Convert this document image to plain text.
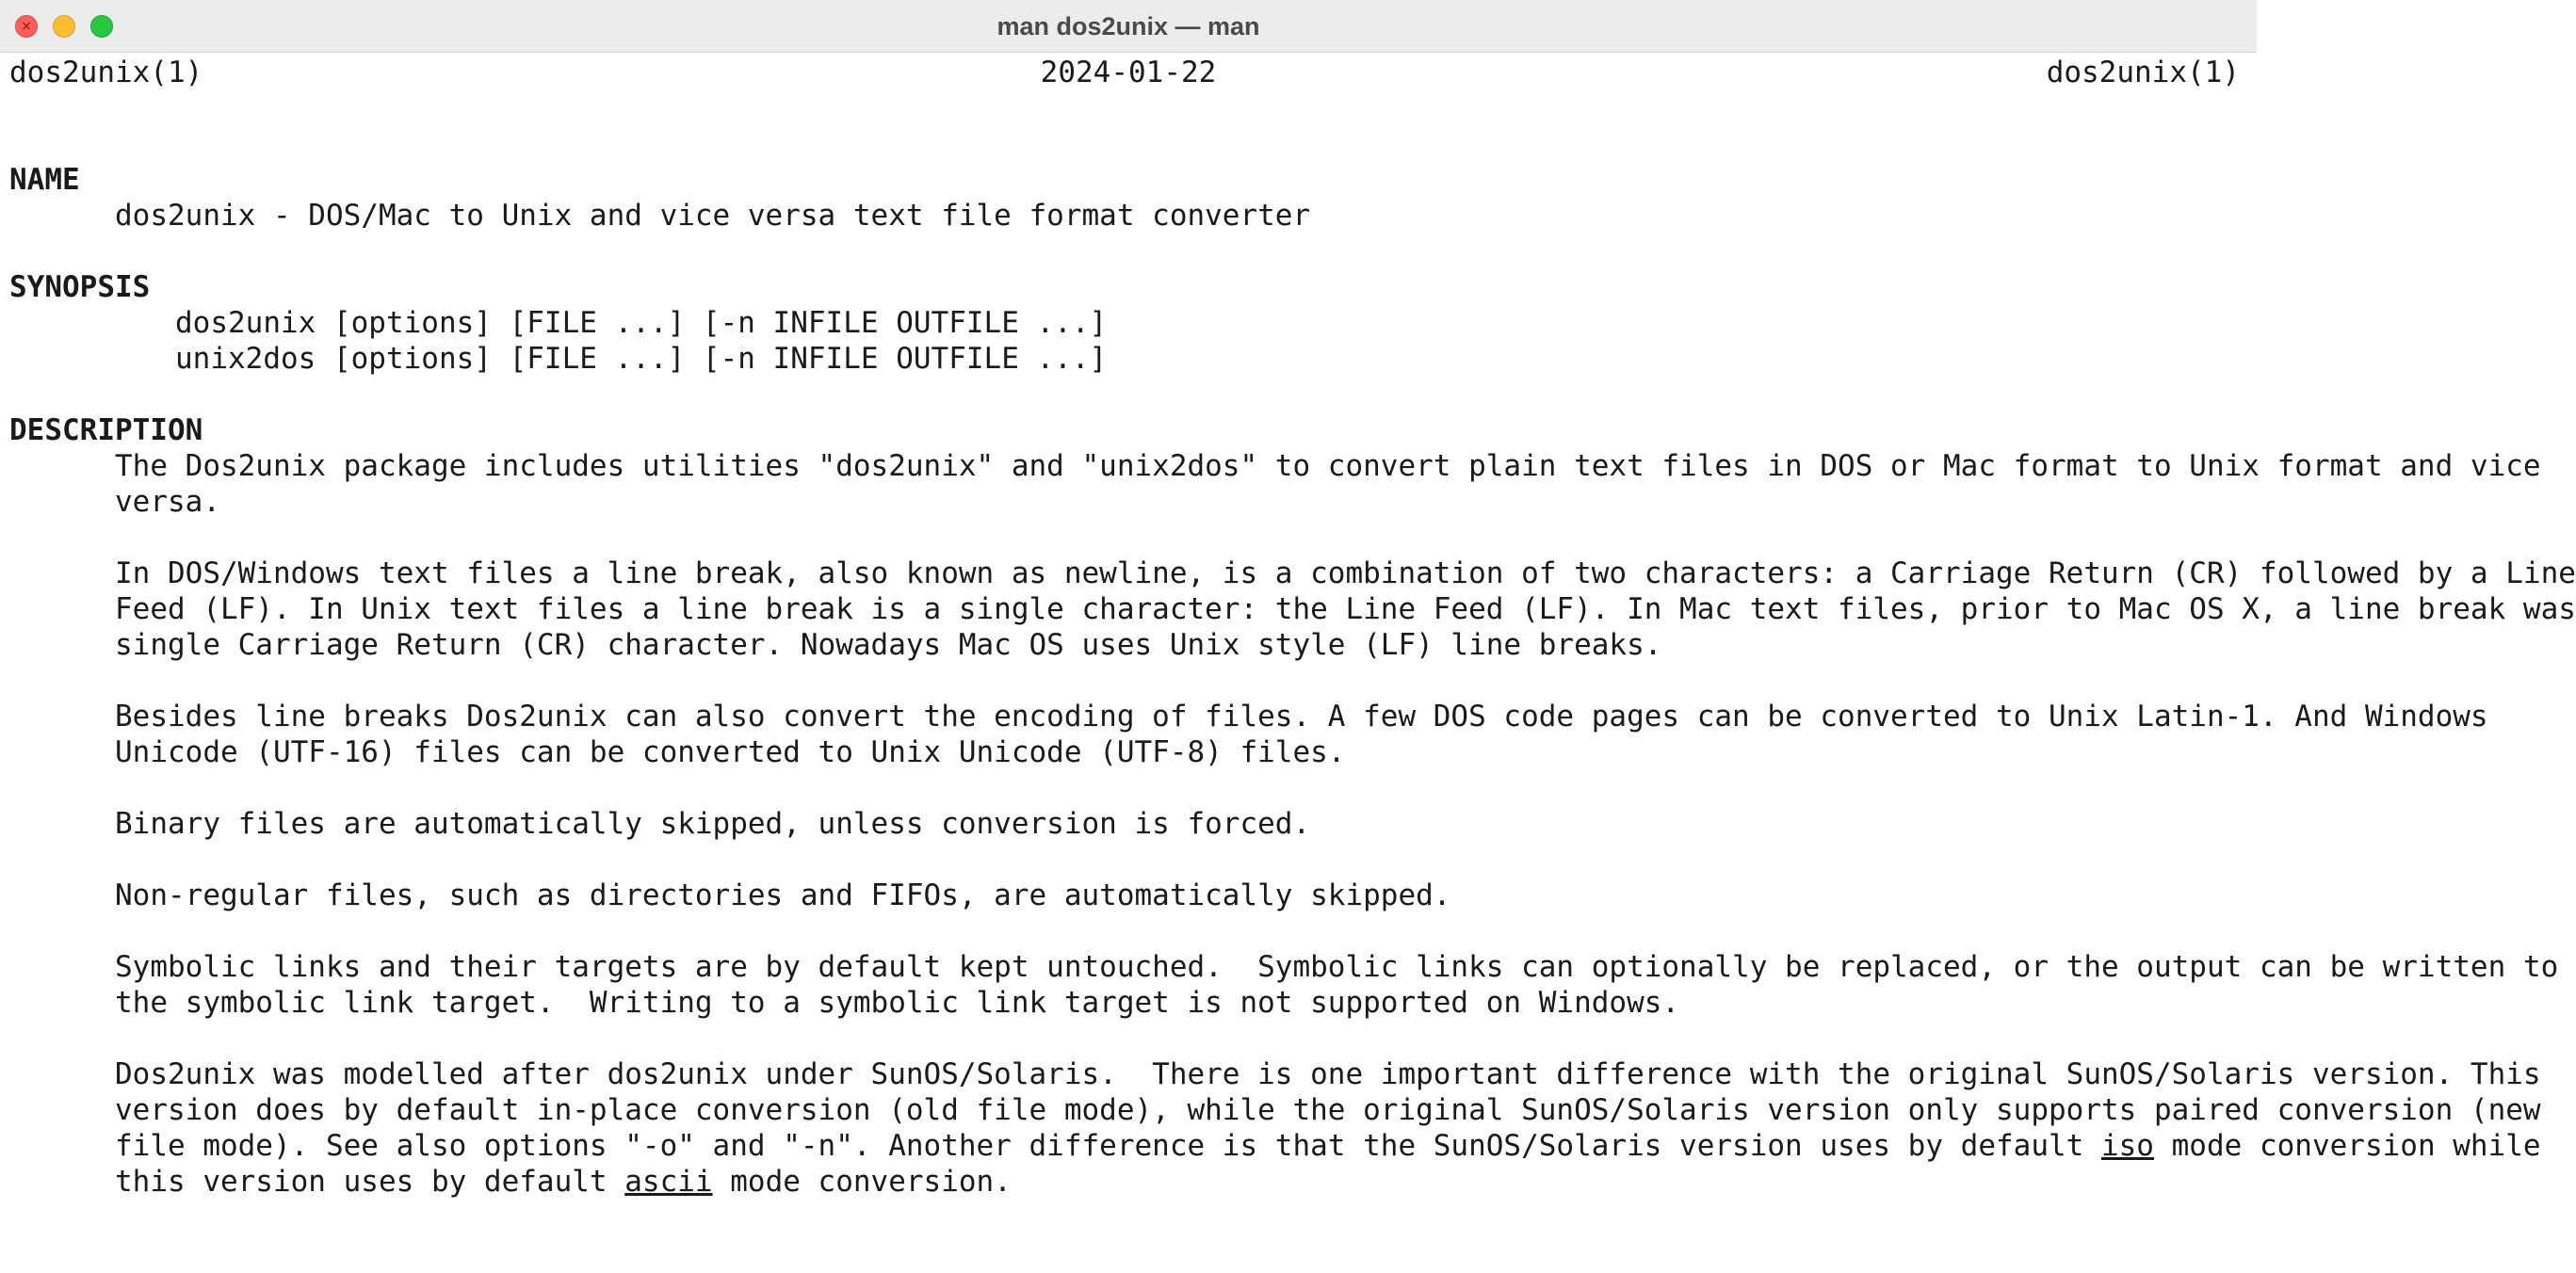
×	man dos2unix — man
dos2unix(1)	2024-01-22	dos2unix(1)
NAME
dos2unix - DOS/Mac to Unix and vice versa text file format converter
SYNOPSIS
dos2unix [options] [FILE ...] [-n INFILE OUTFILE ...]
unix2dos [options] [FILE ...] [-n INFILE OUTFILE ...]
DESCRIPTION
The Dos2unix package includes utilities "dos2unix" and "unix2dos" to convert plain text files in DOS or Mac format to Unix format and vice
versa.
In DOS/Windows text files a line break, also known as newline, is a combination of two characters: a Carriage Return (CR) followed by a Line
Feed (LF). In Unix text files a line break is a single character: the Line Feed (LF). In Mac text files, prior to Mac OS X, a line break was
single Carriage Return (CR) character. Nowadays Mac OS uses Unix style (LF) line breaks.
Besides line breaks Dos2unix can also convert the encoding of files. A few DOS code pages can be converted to Unix Latin-1. And Windows
Unicode (UTF-16) files can be converted to Unix Unicode (UTF-8) files.
Binary files are automatically skipped, unless conversion is forced.
Non-regular files, such as directories and FIFOs, are automatically skipped.
Symbolic links and their targets are by default kept untouched.  Symbolic links can optionally be replaced, or the output can be written to
the symbolic link target.  Writing to a symbolic link target is not supported on Windows.
Dos2unix was modelled after dos2unix under SunOS/Solaris.  There is one important difference with the original SunOS/Solaris version. This
version does by default in-place conversion (old file mode), while the original SunOS/Solaris version only supports paired conversion (new
file mode). See also options "-o" and "-n". Another difference is that the SunOS/Solaris version uses by default iso mode conversion while
this version uses by default ascii mode conversion.
